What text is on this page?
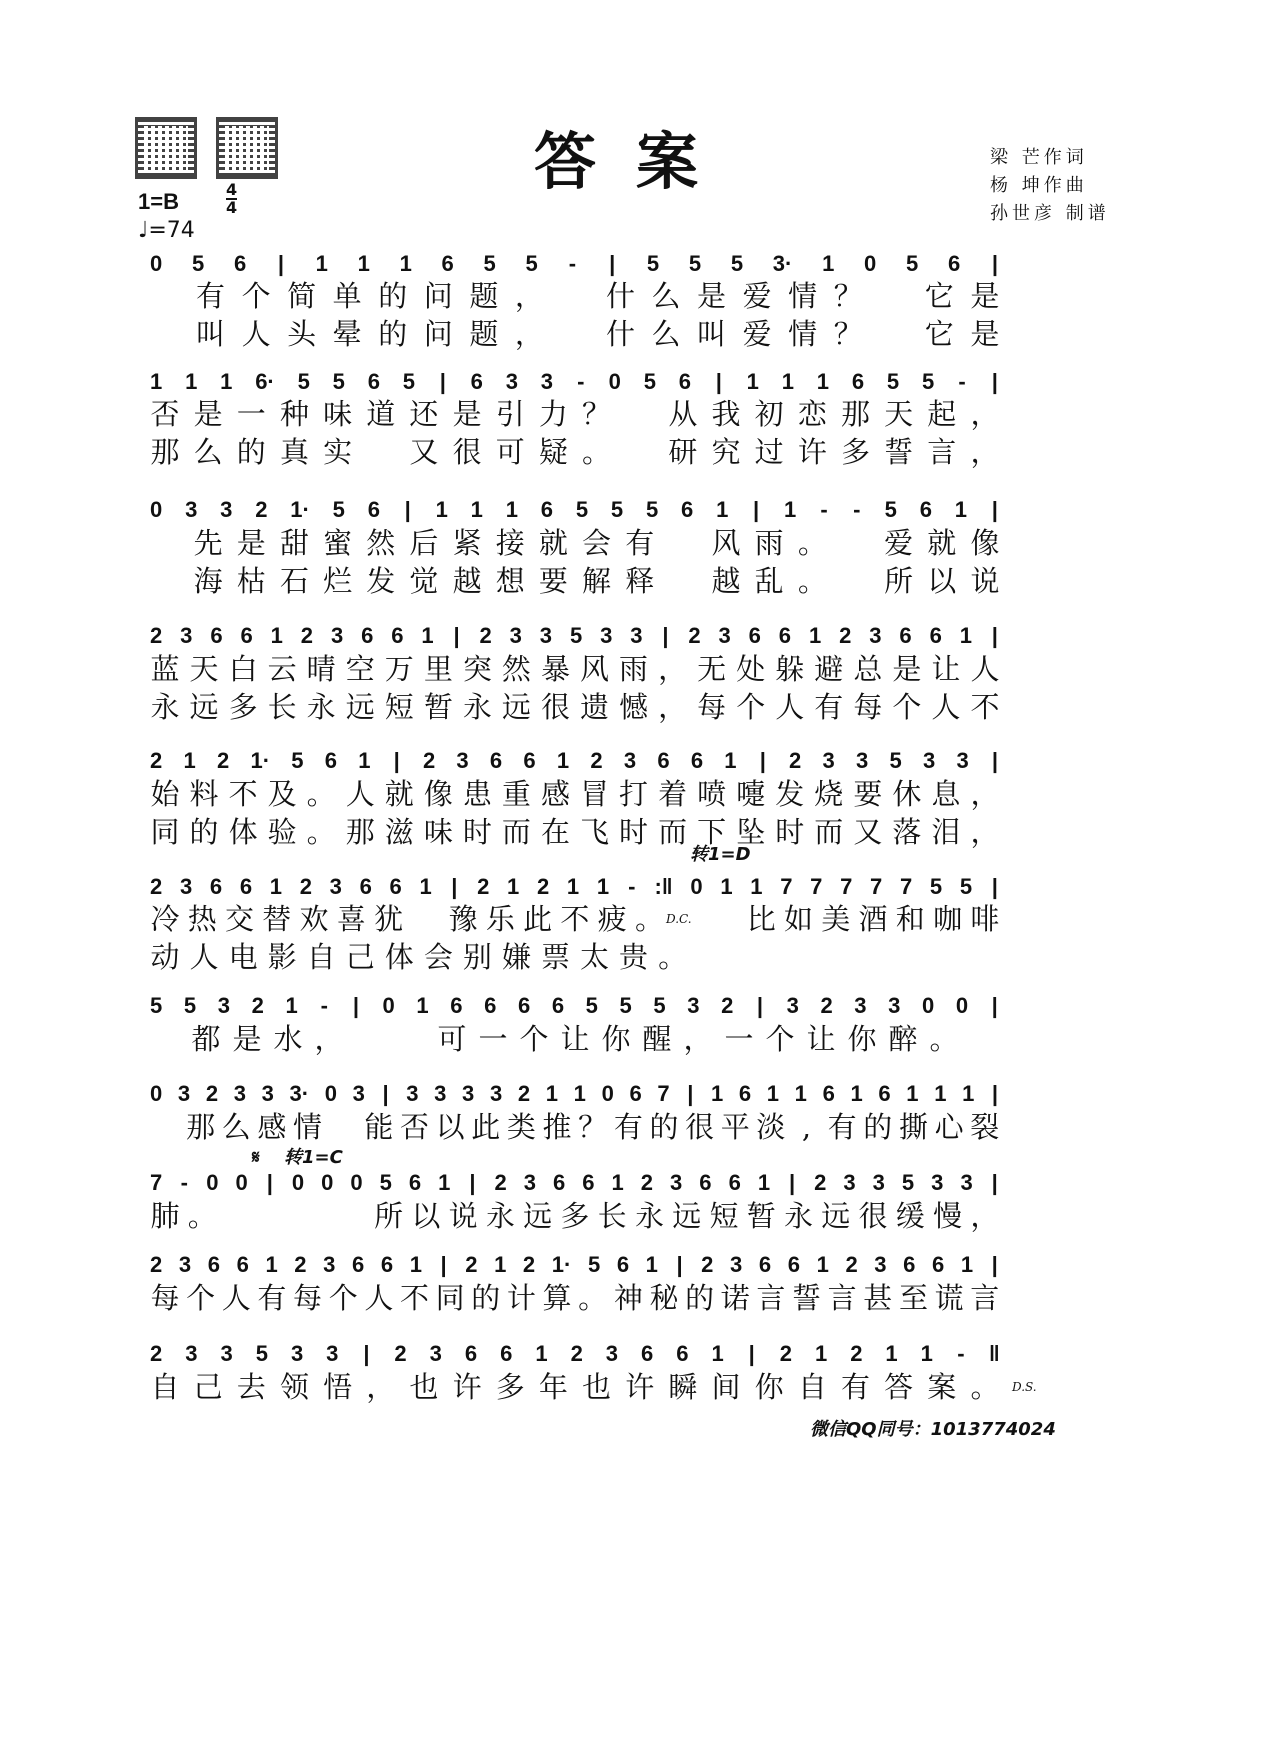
答案	梁 芒作词
杨 坤作曲
孙世彦 制谱
1=B	4
4
♩=74
0 5 6 | 1 1 1 6 5 5 - | 5 5 5 3· 1 0 5 6 |

有 个 简 单 的 问 题 ，
　 什 么 是 爱 情 ？
　 它 是

叫 人 头 晕 的 问 题 ，
　 什 么 叫 爱 情 ？
　 它 是
1 1 1 6· 5 5 6 5 | 6 3 3 - 0 5 6 | 1 1 1 6 5 5 - |
否 是 一 种 味 道 还 是 引 力 ？
　 从 我 初 恋 那 天 起 ，
那 么 的 真 实
　 又 很 可 疑 。
　 研 究 过 许 多 誓 言 ，
0 3 3 2 1· 5 6 | 1 1 1 6 5 5 5 6 1 | 1 - - 5 6 1 |

先 是 甜 蜜 然 后 紧 接 就 会 有
　 风 雨 。
　 爱 就 像

海 枯 石 烂 发 觉 越 想 要 解 释
　 越 乱 。
　 所 以 说
2 3 6 6 1 2 3 6 6 1 | 2 3 3 5 3 3 | 2 3 6 6 1 2 3 6 6 1 |
蓝 天 白 云 晴 空 万 里 突 然 暴 风 雨 ， 无 处 躲 避 总 是 让 人
永 远 多 长 永 远 短 暂 永 远 很 遗 憾 ， 每 个 人 有 每 个 人 不
2 1 2 1· 5 6 1 | 2 3 6 6 1 2 3 6 6 1 | 2 3 3 5 3 3 |
始 料 不 及 。 人 就 像 患 重 感 冒 打 着 喷 嚏 发 烧 要 休 息 ，
同 的 体 验 。 那 滋 味 时 而 在 飞 时 而 下 坠 时 而 又 落 泪 ，
2 3 6 6 1 2 3 6 6 1 | 2 1 2 1 1 - :‖ 0 1 1 7 7 7 7 7 5 5 |
冷 热 交 替 欢 喜 犹
　 豫 乐 此 不 疲 。

　	比 如 美 酒 和 咖 啡
动 人 电 影 自 己 体 会 别 嫌 票 太 贵 。

5 5 3 2 1 - | 0 1 6 6 6 6 5 5 5 3 2 | 3 2 3 3 0 0 |

都 是 水 ，

　	可 一 个 让 你 醒 ， 一 个 让 你 醉 。

0 3 2 3 3 3· 0 3 | 3 3 3 3 2 1 1 0 6 7 | 1 6 1 1 6 1 6 1 1 1 |

那 么 感 情
　 能 否 以 此 类 推 ？ 有 的 很 平 淡 , 有 的 撕 心 裂
7 - 0 0 | 0 0 0 5 6 1 | 2 3 6 6 1 2 3 6 6 1 | 2 3 3 5 3 3 |
肺 。

　	所 以 说 永 远 多 长 永 远 短 暂 永 远 很 缓 慢 ，
2 3 6 6 1 2 3 6 6 1 | 2 1 2 1· 5 6 1 | 2 3 6 6 1 2 3 6 6 1 |
每 个 人 有 每 个 人 不 同 的 计 算 。 神 秘 的 诺 言 誓 言 甚 至 谎 言
2 3 3 5 3 3 | 2 3 6 6 1 2 3 6 6 1 | 2 1 2 1 1 - ‖
自 己 去 领 悟 ， 也 许 多 年 也 许 瞬 间 你 自 有 答 案 。
转1=D
D.C.
𝄋 转1=C
D.S.
微信QQ同号：1013774024
